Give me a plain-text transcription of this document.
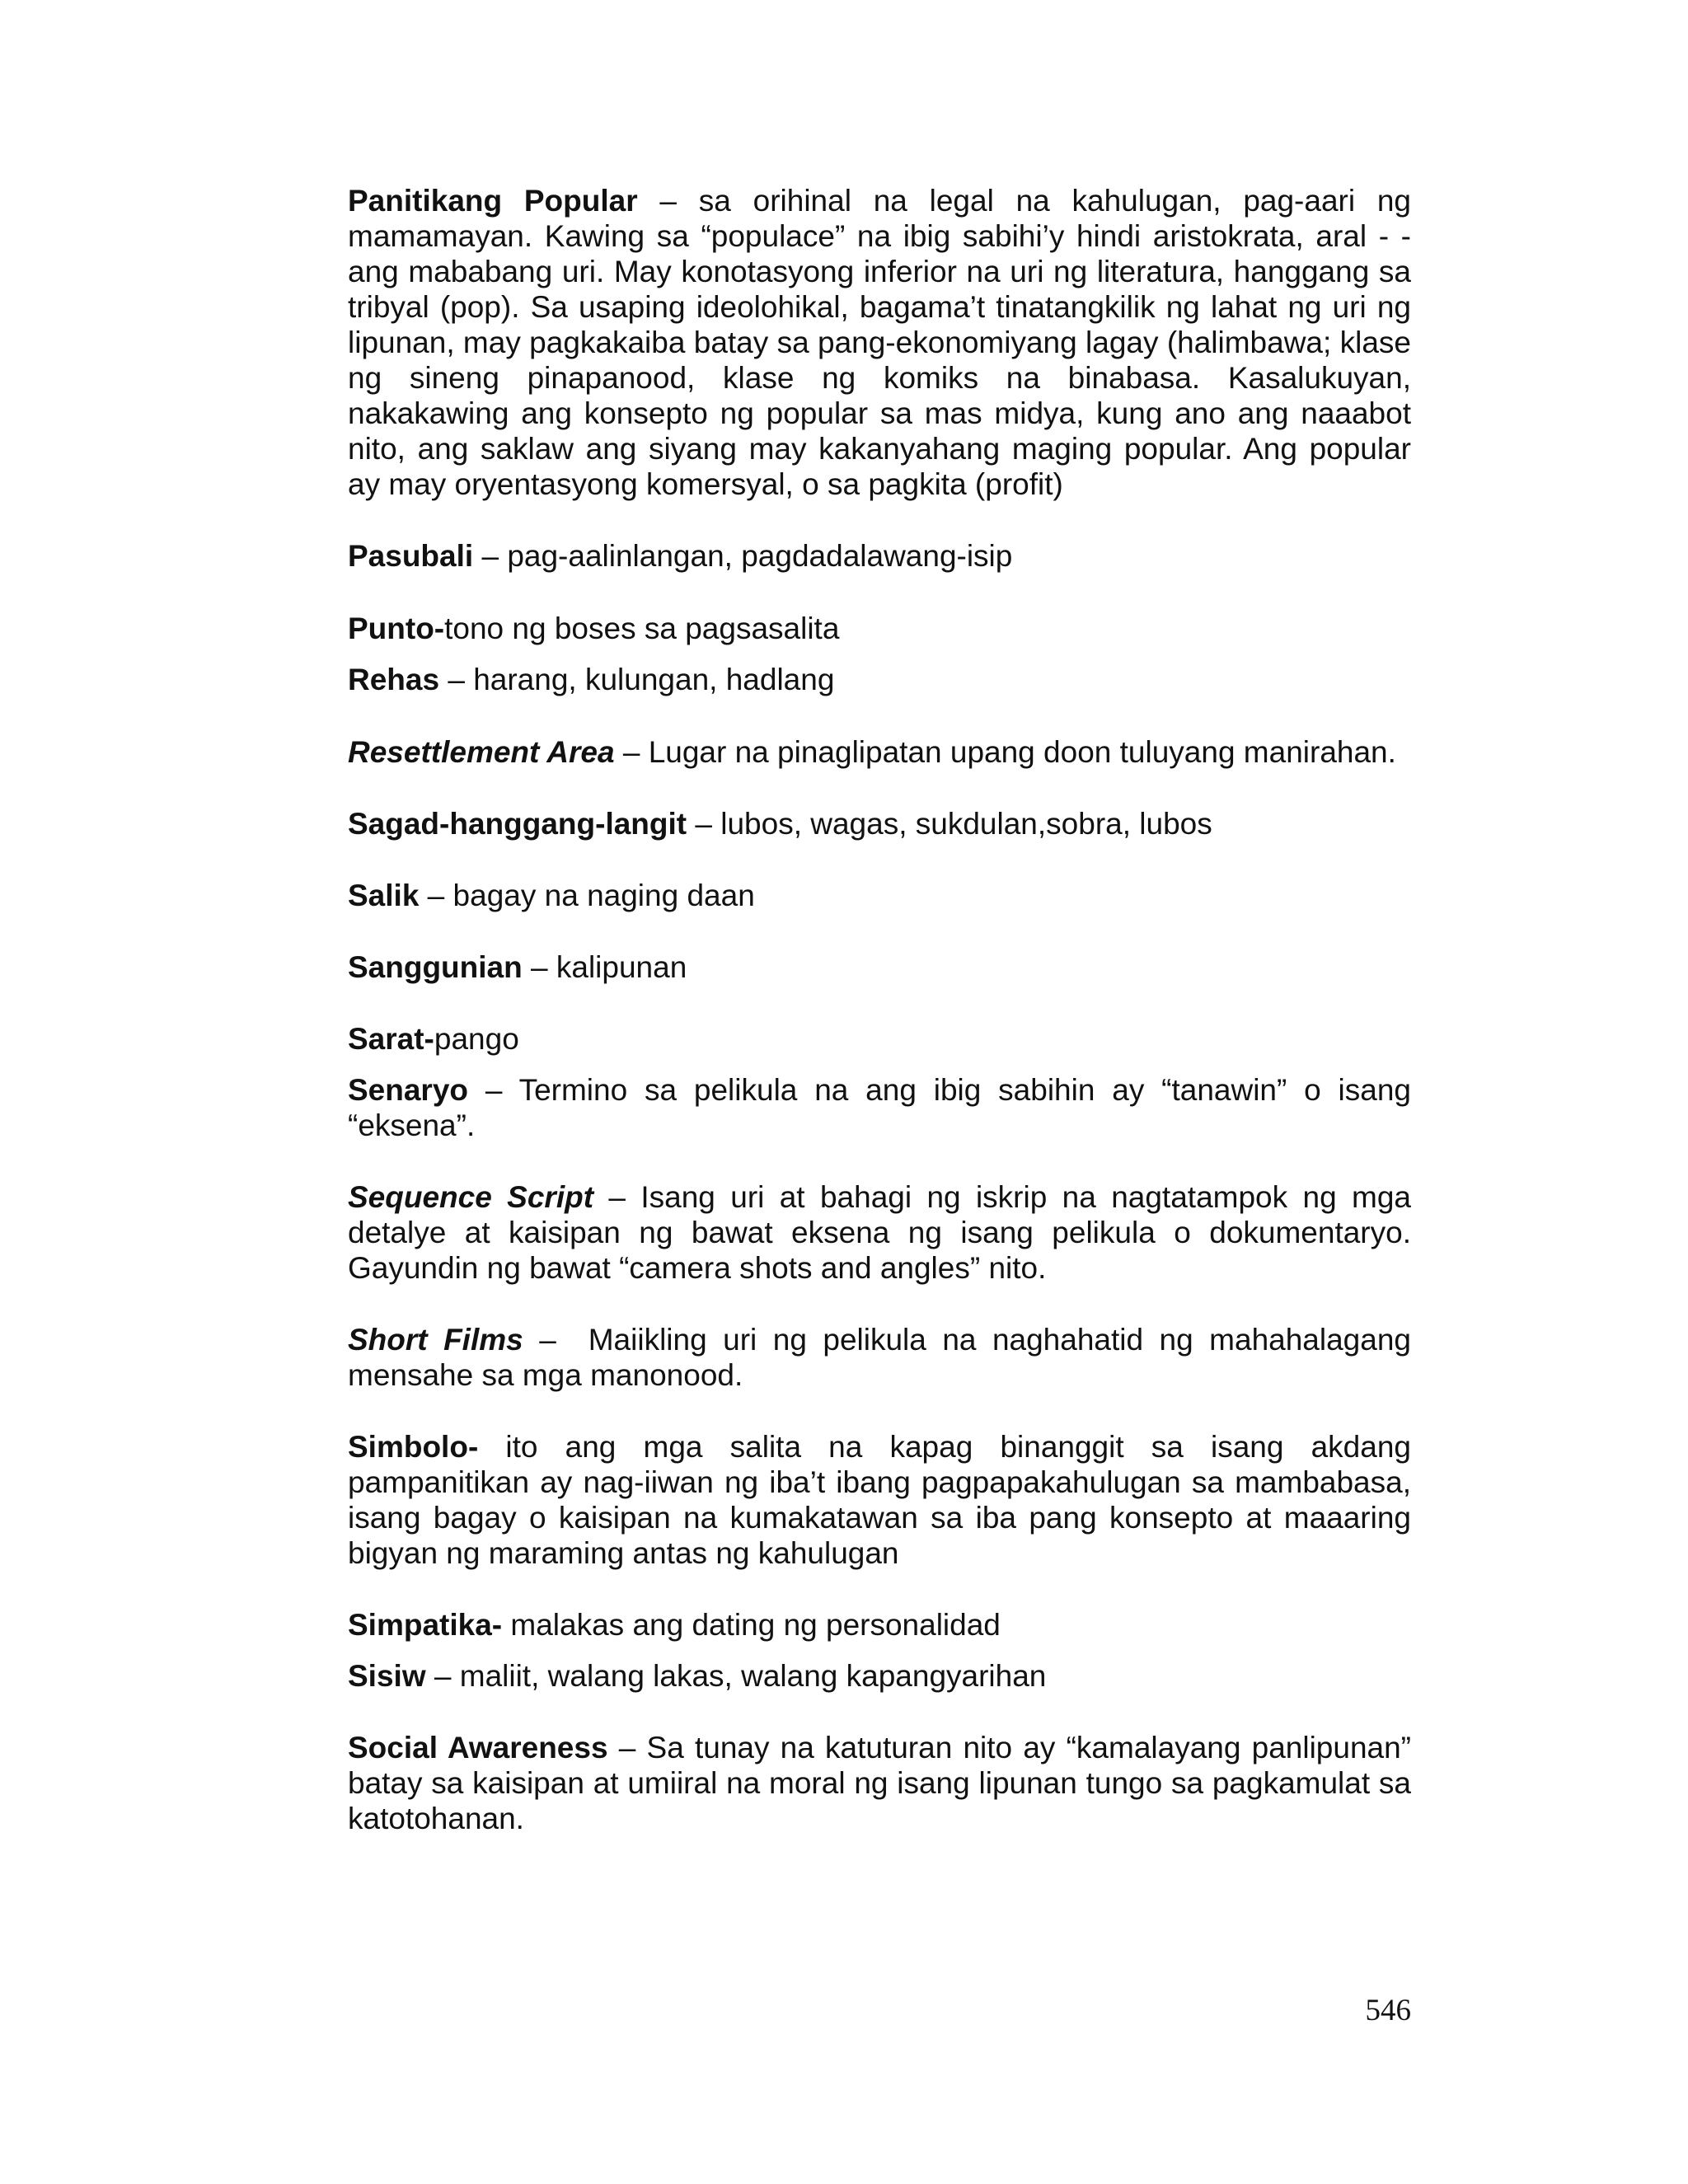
Panitikang Popular – sa orihinal na legal na kahulugan, pag-aari ng mamamayan. Kawing sa “populace” na ibig sabihi’y hindi aristokrata, aral - -ang mababang uri. May konotasyong inferior na uri ng literatura, hanggang sa tribyal (pop). Sa usaping ideolohikal, bagama’t tinatangkilik ng lahat ng uri ng lipunan, may pagkakaiba batay sa pang-ekonomiyang lagay (halimbawa; klase ng sineng pinapanood, klase ng komiks na binabasa. Kasalukuyan, nakakawing ang konsepto ng popular sa mas midya, kung ano ang naaabot nito, ang saklaw ang siyang may kakanyahang maging popular. Ang popular ay may oryentasyong komersyal, o sa pagkita (profit)

Pasubali – pag-aalinlangan, pagdadalawang-isip

Punto-tono ng boses sa pagsasalita

Rehas – harang, kulungan, hadlang

Resettlement Area – Lugar na pinaglipatan upang doon tuluyang manirahan.

Sagad-hanggang-langit – lubos, wagas, sukdulan,sobra, lubos

Salik – bagay na naging daan

Sanggunian – kalipunan

Sarat-pango

Senaryo – Termino sa pelikula na ang ibig sabihin ay “tanawin” o isang “eksena”.

Sequence Script – Isang uri at bahagi ng iskrip na nagtatampok ng mga detalye at kaisipan ng bawat eksena ng isang pelikula o dokumentaryo. Gayundin ng bawat “camera shots and angles” nito.

Short Films –  Maiikling uri ng pelikula na naghahatid ng mahahalagang mensahe sa mga manonood.

Simbolo- ito ang mga salita na kapag binanggit sa isang akdang pampanitikan ay nag-iiwan ng iba’t ibang pagpapakahulugan sa mambabasa, isang bagay o kaisipan na kumakatawan sa iba pang konsepto at maaaring bigyan ng maraming antas ng kahulugan

Simpatika- malakas ang dating ng personalidad

Sisiw – maliit, walang lakas, walang kapangyarihan

Social Awareness – Sa tunay na katuturan nito ay “kamalayang panlipunan” batay sa kaisipan at umiiral na moral ng isang lipunan tungo sa pagkamulat sa katotohanan.

546
